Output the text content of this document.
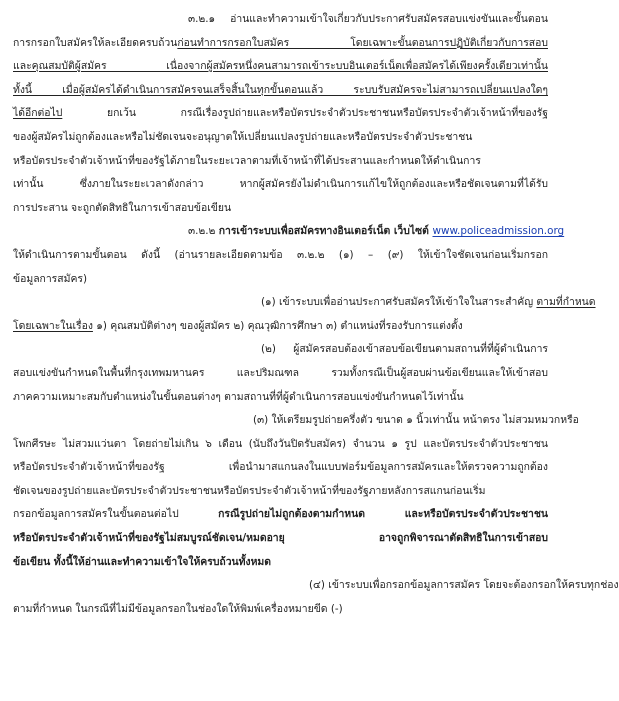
๓.๒.๑ อ่านและทำความเข้าใจเกี่ยวกับประกาศรับสมัครสอบแข่งขันและขั้นตอน
การกรอกใบสมัครให้ละเอียดครบถ้วนก่อนทำการกรอกใบสมัคร โดยเฉพาะขั้นตอนการปฏิบัติเกี่ยวกับการสอบ
และคุณสมบัติผู้สมัคร เนื่องจากผู้สมัครหนึ่งคนสามารถเข้าระบบอินเตอร์เน็ตเพื่อสมัครได้เพียงครั้งเดียวเท่านั้น
ทั้งนี้ เมื่อผู้สมัครได้ดำเนินการสมัครจนเสร็จสิ้นในทุกขั้นตอนแล้ว ระบบรับสมัครจะไม่สามารถเปลี่ยนแปลงใดๆ
ได้อีกต่อไป ยกเว้น กรณีเรื่องรูปถ่ายและหรือบัตรประจำตัวประชาชนหรือบัตรประจำตัวเจ้าหน้าที่ของรัฐ
ของผู้สมัครไม่ถูกต้องและหรือไม่ชัดเจนจะอนุญาตให้เปลี่ยนแปลงรูปถ่ายและหรือบัตรประจำตัวประชาชน
หรือบัตรประจำตัวเจ้าหน้าที่ของรัฐได้ภายในระยะเวลาตามที่เจ้าหน้าที่ได้ประสานและกำหนดให้ดำเนินการ
เท่านั้น ซึ่งภายในระยะเวลาดังกล่าว หากผู้สมัครยังไม่ดำเนินการแก้ไขให้ถูกต้องและหรือชัดเจนตามที่ได้รับ
การประสาน จะถูกตัดสิทธิในการเข้าสอบข้อเขียน
๓.๒.๒ การเข้าระบบเพื่อสมัครทางอินเตอร์เน็ต เว็บไซต์ www.policeadmission.org
ให้ดำเนินการตามขั้นตอน ดังนี้ (อ่านรายละเอียดตามข้อ ๓.๒.๒ (๑) – (๙) ให้เข้าใจชัดเจนก่อนเริ่มกรอก
ข้อมูลการสมัคร)
(๑) เข้าระบบเพื่ออ่านประกาศรับสมัครให้เข้าใจในสาระสำคัญ ตามที่กำหนด
โดยเฉพาะในเรื่อง ๑) คุณสมบัติต่างๆ ของผู้สมัคร ๒) คุณวุฒิการศึกษา ๓) ตำแหน่งที่รองรับการแต่งตั้ง
(๒) ผู้สมัครสอบต้องเข้าสอบข้อเขียนตามสถานที่ที่ผู้ดำเนินการ
สอบแข่งขันกำหนดในพื้นที่กรุงเทพมหานคร และปริมณฑล รวมทั้งกรณีเป็นผู้สอบผ่านข้อเขียนและให้เข้าสอบ
ภาคความเหมาะสมกับตำแหน่งในขั้นตอนต่างๆ ตามสถานที่ที่ผู้ดำเนินการสอบแข่งขันกำหนดไว้เท่านั้น
(๓) ให้เตรียมรูปถ่ายครึ่งตัว ขนาด ๑ นิ้วเท่านั้น หน้าตรง ไม่สวมหมวกหรือ
โพกศีรษะ ไม่สวมแว่นตา โดยถ่ายไม่เกิน ๖ เดือน (นับถึงวันปิดรับสมัคร) จำนวน ๑ รูป และบัตรประจำตัวประชาชน
หรือบัตรประจำตัวเจ้าหน้าที่ของรัฐ เพื่อนำมาสแกนลงในแบบฟอร์มข้อมูลการสมัครและให้ตรวจความถูกต้อง
ชัดเจนของรูปถ่ายและบัตรประจำตัวประชาชนหรือบัตรประจำตัวเจ้าหน้าที่ของรัฐภายหลังการสแกนก่อนเริ่ม
กรอกข้อมูลการสมัครในขั้นตอนต่อไป กรณีรูปถ่ายไม่ถูกต้องตามกำหนด และหรือบัตรประจำตัวประชาชน
หรือบัตรประจำตัวเจ้าหน้าที่ของรัฐไม่สมบูรณ์ชัดเจน/หมดอายุ อาจถูกพิจารณาตัดสิทธิในการเข้าสอบ
ข้อเขียน ทั้งนี้ให้อ่านและทำความเข้าใจให้ครบถ้วนทั้งหมด
(๔) เข้าระบบเพื่อกรอกข้อมูลการสมัคร โดยจะต้องกรอกให้ครบทุกช่อง
ตามที่กำหนด ในกรณีที่ไม่มีข้อมูลกรอกในช่องใดให้พิมพ์เครื่องหมายขีด (-)
